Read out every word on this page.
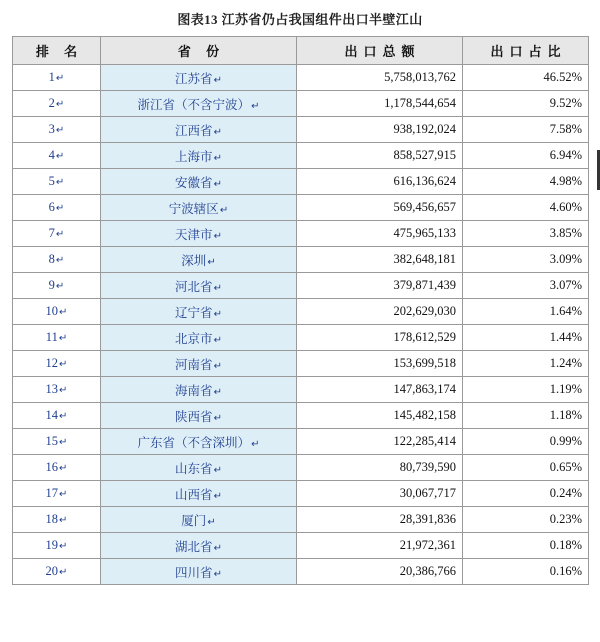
图表13 江苏省仍占我国组件出口半壁江山
排 名	省 份	出口总额	出口占比
1↵	江苏省↵	5,758,013,762	46.52%
2↵	浙江省（不含宁波）↵	1,178,544,654	9.52%
3↵	江西省↵	938,192,024	7.58%
4↵	上海市↵	858,527,915	6.94%
5↵	安徽省↵	616,136,624	4.98%
6↵	宁波辖区↵	569,456,657	4.60%
7↵	天津市↵	475,965,133	3.85%
8↵	深圳↵	382,648,181	3.09%
9↵	河北省↵	379,871,439	3.07%
10↵	辽宁省↵	202,629,030	1.64%
11↵	北京市↵	178,612,529	1.44%
12↵	河南省↵	153,699,518	1.24%
13↵	海南省↵	147,863,174	1.19%
14↵	陕西省↵	145,482,158	1.18%
15↵	广东省（不含深圳）↵	122,285,414	0.99%
16↵	山东省↵	80,739,590	0.65%
17↵	山西省↵	30,067,717	0.24%
18↵	厦门↵	28,391,836	0.23%
19↵	湖北省↵	21,972,361	0.18%
20↵	四川省↵	20,386,766	0.16%
